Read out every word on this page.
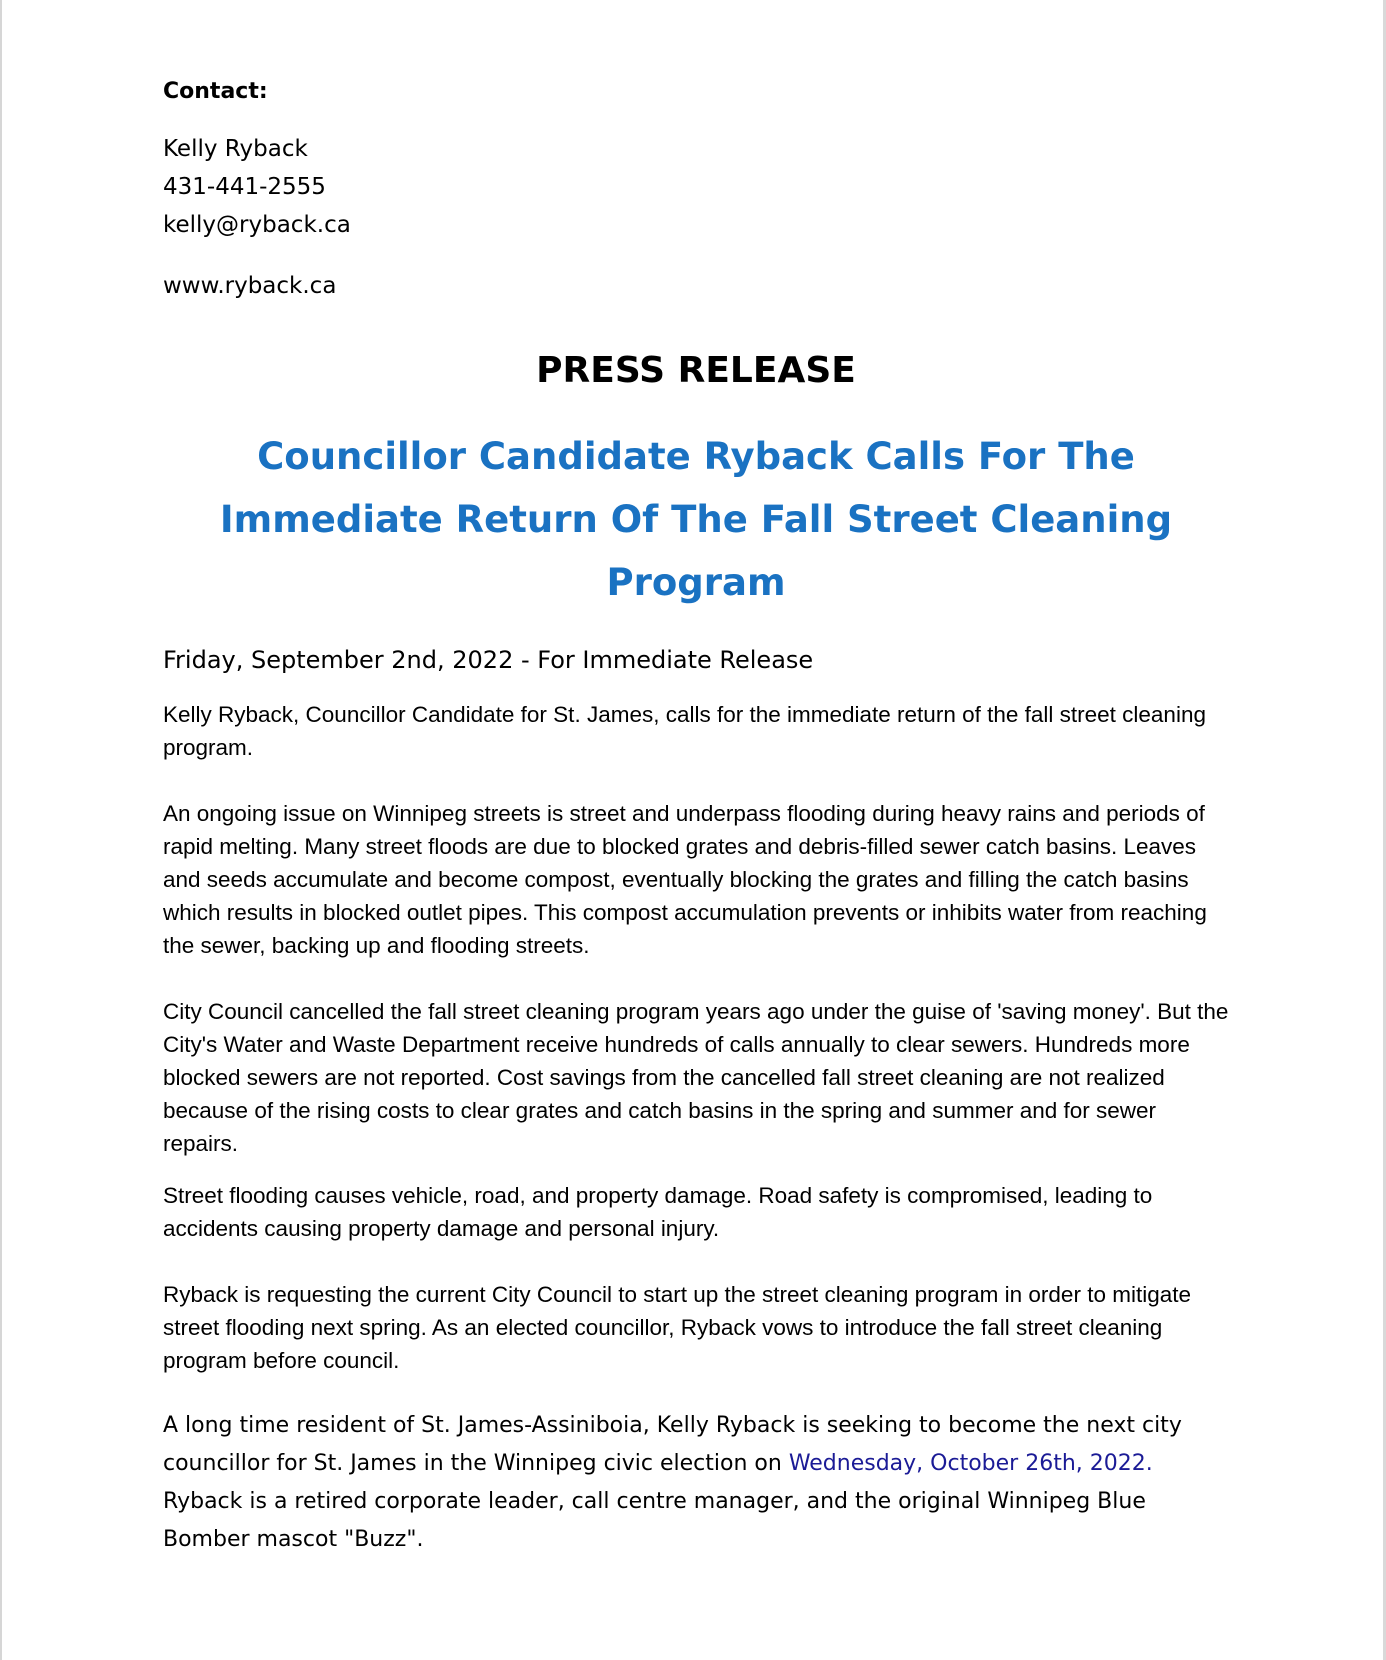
Contact:

Kelly Ryback

431-441-2555

kelly@ryback.ca

www.ryback.ca

PRESS RELEASE
Councillor Candidate Ryback Calls For The Immediate Return Of The Fall Street Cleaning Program

Friday, September 2nd, 2022 - For Immediate Release

Kelly Ryback, Councillor Candidate for St. James, calls for the immediate return of the fall street cleaning program.

An ongoing issue on Winnipeg streets is street and underpass flooding during heavy rains and periods of rapid melting. Many street floods are due to blocked grates and debris-filled sewer catch basins. Leaves and seeds accumulate and become compost, eventually blocking the grates and filling the catch basins which results in blocked outlet pipes. This compost accumulation prevents or inhibits water from reaching the sewer, backing up and flooding streets.

City Council cancelled the fall street cleaning program years ago under the guise of 'saving money'. But the City's Water and Waste Department receive hundreds of calls annually to clear sewers. Hundreds more blocked sewers are not reported. Cost savings from the cancelled fall street cleaning are not realized because of the rising costs to clear grates and catch basins in the spring and summer and for sewer repairs.

Street flooding causes vehicle, road, and property damage. Road safety is compromised, leading to accidents causing property damage and personal injury.

Ryback is requesting the current City Council to start up the street cleaning program in order to mitigate street flooding next spring. As an elected councillor, Ryback vows to introduce the fall street cleaning program before council.

A long time resident of St. James-Assiniboia, Kelly Ryback is seeking to become the next city councillor for St. James in the Winnipeg civic election on Wednesday, October 26th, 2022. Ryback is a retired corporate leader, call centre manager, and the original Winnipeg Blue Bomber mascot "Buzz".
